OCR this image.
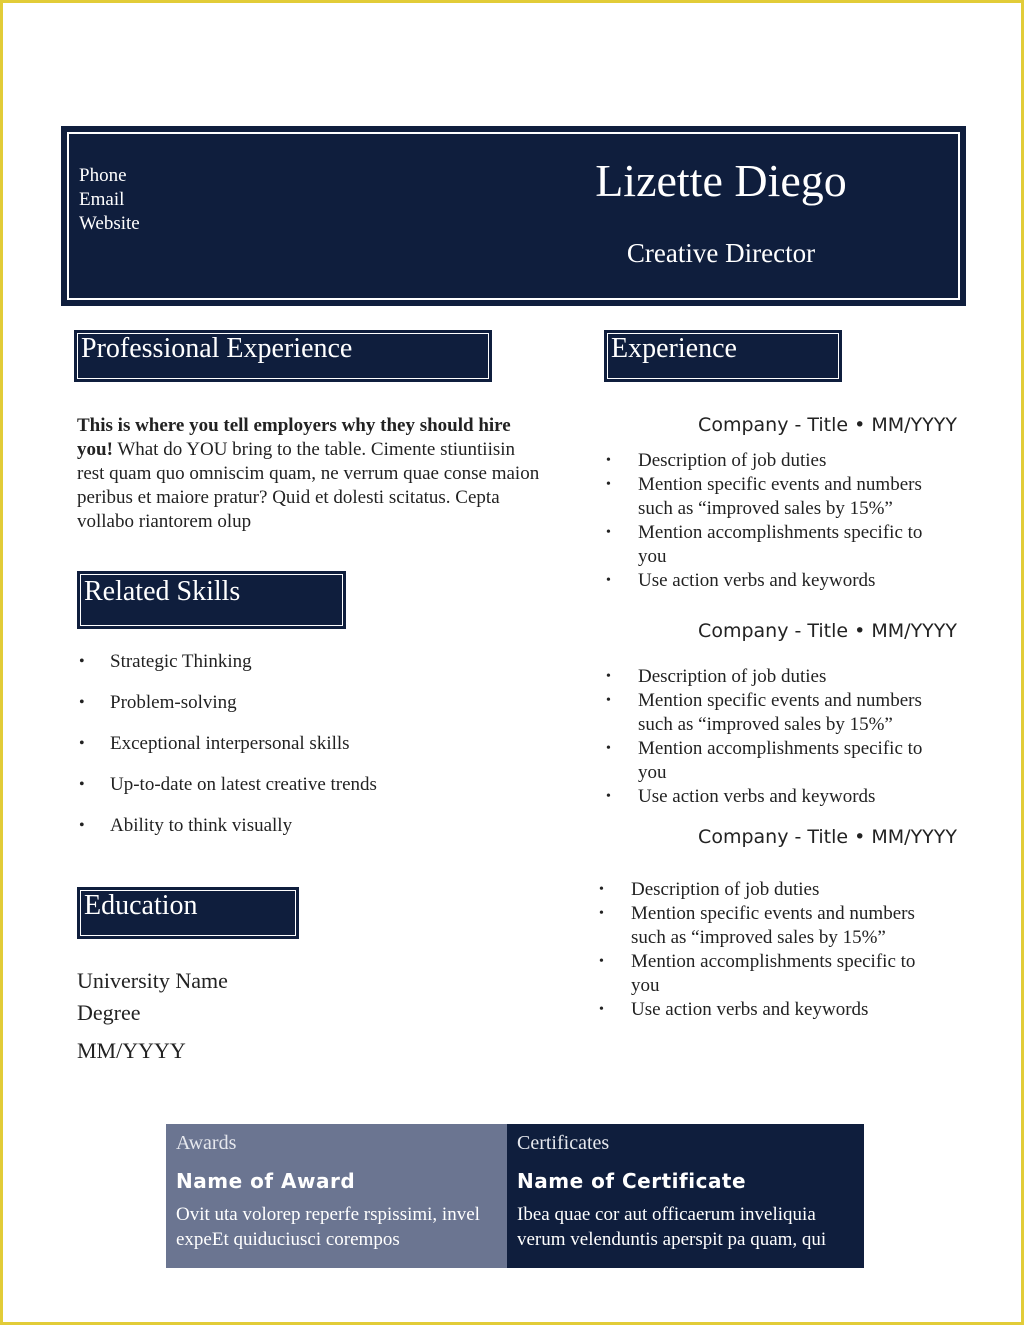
Phone
Email
Website
Lizette Diego
Creative Director
Professional Experience
This is where you tell employers why they should hire you! What do YOU bring to the table. Cimente stiuntiisin rest quam quo omniscim quam, ne verrum quae conse maion peribus et maiore pratur? Quid et dolesti scitatus. Cepta vollabo riantorem olup
Related Skills
• Strategic Thinking
• Problem-solving
• Exceptional interpersonal skills
• Up-to-date on latest creative trends
• Ability to think visually
Education
University Name
Degree
MM/YYYY
Experience
Company - Title • MM/YYYY
• Description of job duties
• Mention specific events and numbers such as “improved sales by 15%”
• Mention accomplishments specific to you
• Use action verbs and keywords
Company - Title • MM/YYYY
• Description of job duties
• Mention specific events and numbers such as “improved sales by 15%”
• Mention accomplishments specific to you
• Use action verbs and keywords
Company - Title • MM/YYYY
• Description of job duties
• Mention specific events and numbers such as “improved sales by 15%”
• Mention accomplishments specific to you
• Use action verbs and keywords
Awards
Name of Award
Ovit uta volorep reperfe rspissimi, invel expeEt quiduciusci corempos
Certificates
Name of Certificate
Ibea quae cor aut officaerum inveliquia verum velenduntis aperspit pa quam, qui
